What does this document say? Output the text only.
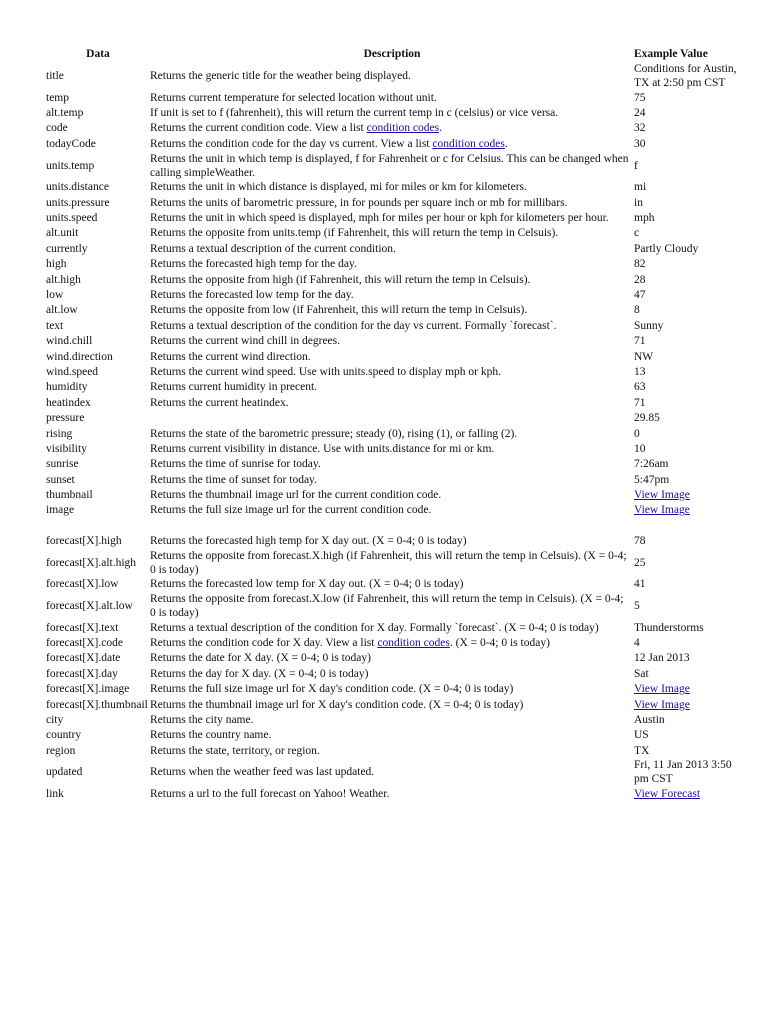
Data	Description	Example Value
title	Returns the generic title for the weather being displayed.	Conditions for Austin, TX at 2:50 pm CST
temp	Returns current temperature for selected location without unit.	75
alt.temp	If unit is set to f (fahrenheit), this will return the current temp in c (celsius) or vice versa.	24
code	Returns the current condition code. View a list condition codes.	32
todayCode	Returns the condition code for the day vs current. View a list condition codes.	30
units.temp	Returns the unit in which temp is displayed, f for Fahrenheit or c for Celsius. This can be changed when calling simpleWeather.	f
units.distance	Returns the unit in which distance is displayed, mi for miles or km for kilometers.	mi
units.pressure	Returns the units of barometric pressure, in for pounds per square inch or mb for millibars.	in
units.speed	Returns the unit in which speed is displayed, mph for miles per hour or kph for kilometers per hour.	mph
alt.unit	Returns the opposite from units.temp (if Fahrenheit, this will return the temp in Celsuis).	c
currently	Returns a textual description of the current condition.	Partly Cloudy
high	Returns the forecasted high temp for the day.	82
alt.high	Returns the opposite from high (if Fahrenheit, this will return the temp in Celsuis).	28
low	Returns the forecasted low temp for the day.	47
alt.low	Returns the opposite from low (if Fahrenheit, this will return the temp in Celsuis).	8
text	Returns a textual description of the condition for the day vs current. Formally `forecast`.	Sunny
wind.chill	Returns the current wind chill in degrees.	71
wind.direction	Returns the current wind direction.	NW
wind.speed	Returns the current wind speed. Use with units.speed to display mph or kph.	13
humidity	Returns current humidity in precent.	63
heatindex	Returns the current heatindex.	71
pressure		29.85
rising	Returns the state of the barometric pressure; steady (0), rising (1), or falling (2).	0
visibility	Returns current visibility in distance. Use with units.distance for mi or km.	10
sunrise	Returns the time of sunrise for today.	7:26am
sunset	Returns the time of sunset for today.	5:47pm
thumbnail	Returns the thumbnail image url for the current condition code.	View Image
image	Returns the full size image url for the current condition code.	View Image

forecast[X].high	Returns the forecasted high temp for X day out. (X = 0-4; 0 is today)	78
forecast[X].alt.high	Returns the opposite from forecast.X.high (if Fahrenheit, this will return the temp in Celsuis). (X = 0-4; 0 is today)	25
forecast[X].low	Returns the forecasted low temp for X day out. (X = 0-4; 0 is today)	41
forecast[X].alt.low	Returns the opposite from forecast.X.low (if Fahrenheit, this will return the temp in Celsuis). (X = 0-4; 0 is today)	5
forecast[X].text	Returns a textual description of the condition for X day. Formally `forecast`. (X = 0-4; 0 is today)	Thunderstorms
forecast[X].code	Returns the condition code for X day. View a list condition codes. (X = 0-4; 0 is today)	4
forecast[X].date	Returns the date for X day. (X = 0-4; 0 is today)	12 Jan 2013
forecast[X].day	Returns the day for X day. (X = 0-4; 0 is today)	Sat
forecast[X].image	Returns the full size image url for X day's condition code. (X = 0-4; 0 is today)	View Image
forecast[X].thumbnail	Returns the thumbnail image url for X day's condition code. (X = 0-4; 0 is today)	View Image
city	Returns the city name.	Austin
country	Returns the country name.	US
region	Returns the state, territory, or region.	TX
updated	Returns when the weather feed was last updated.	Fri, 11 Jan 2013 3:50 pm CST
link	Returns a url to the full forecast on Yahoo! Weather.	View Forecast
